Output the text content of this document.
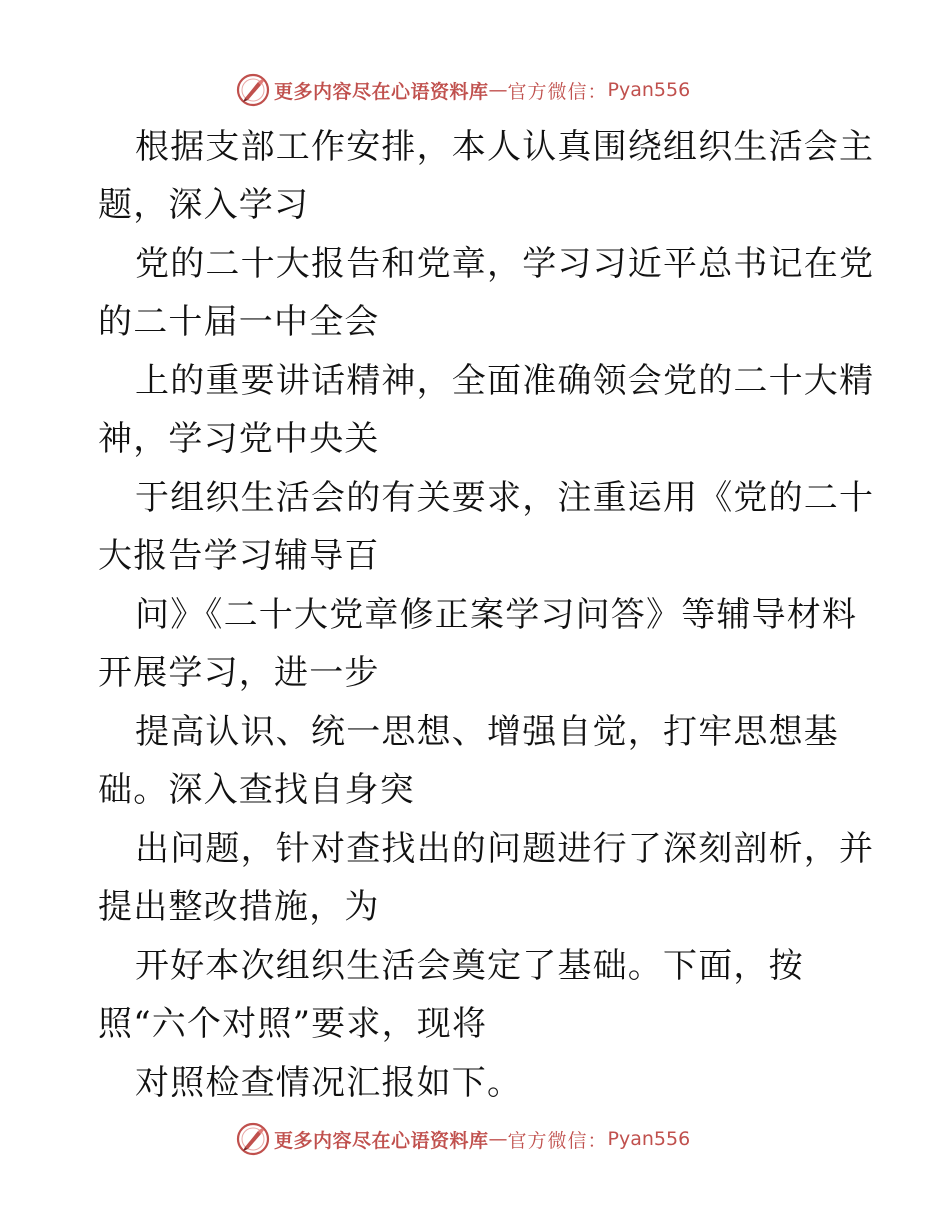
更多内容尽在心语资料库 — 官方微信： Pyan556
根据支部工作安排，本人认真围绕组织生活会主
题，深入学习
党的二十大报告和党章，学习习近平总书记在党
的二十届一中全会
上的重要讲话精神，全面准确领会党的二十大精
神，学习党中央关
于组织生活会的有关要求，注重运用《党的二十
大报告学习辅导百
问》《二十大党章修正案学习问答》等辅导材料
开展学习，进一步
提高认识、统一思想、增强自觉，打牢思想基
础。深入查找自身突
出问题，针对查找出的问题进行了深刻剖析，并
提出整改措施，为
开好本次组织生活会奠定了基础。下面，按
照“六个对照”要求，现将
对照检查情况汇报如下。
更多内容尽在心语资料库 — 官方微信： Pyan556
